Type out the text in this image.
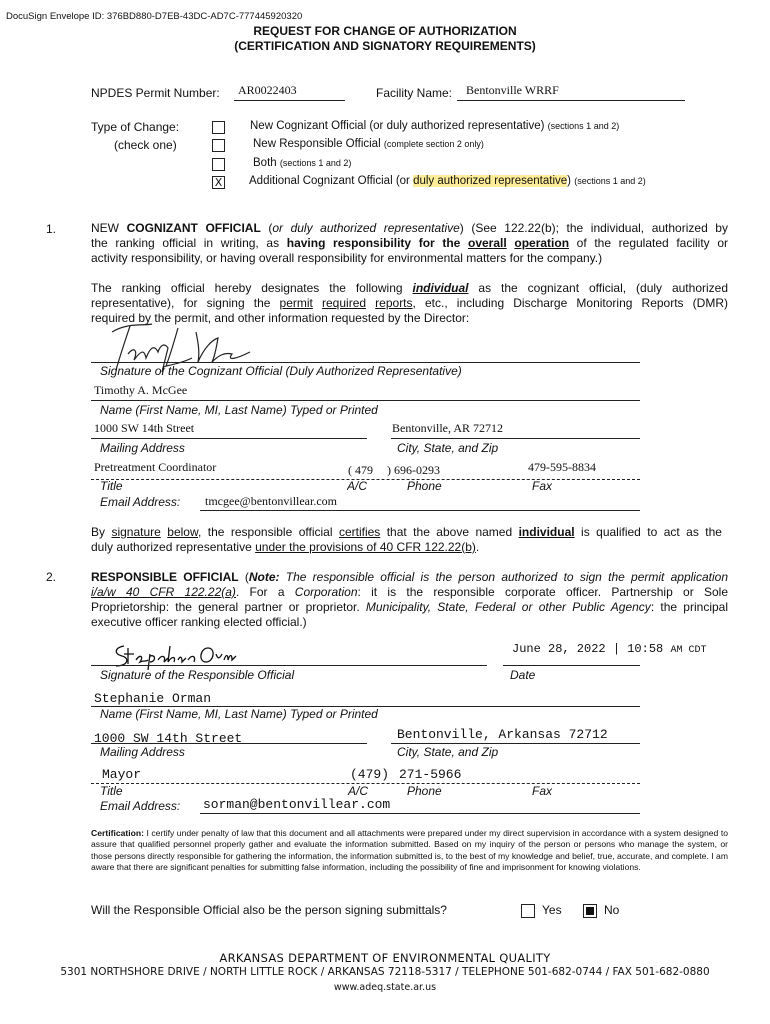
DocuSign Envelope ID: 376BD880-D7EB-43DC-AD7C-777445920320
REQUEST FOR CHANGE OF AUTHORIZATION
(CERTIFICATION AND SIGNATORY REQUIREMENTS)
NPDES Permit Number: AR0022403	Facility Name: Bentonville WRRF
Type of Change:
(check one)
New Cognizant Official (or duly authorized representative) (sections 1 and 2)
New Responsible Official (complete section 2 only)
Both (sections 1 and 2)
X Additional Cognizant Official (or duly authorized representative) (sections 1 and 2)
1.	NEW COGNIZANT OFFICIAL (or duly authorized representative) (See 122.22(b); the individual, authorized by
the ranking official in writing, as having responsibility for the overall operation of the regulated facility or
activity responsibility, or having overall responsibility for environmental matters for the company.)
The ranking official hereby designates the following individual as the cognizant official, (duly authorized
representative), for signing the permit required reports, etc., including Discharge Monitoring Reports (DMR)
required by the permit, and other information requested by the Director:
Signature of the Cognizant Official (Duly Authorized Representative)
Timothy A. McGee
Name (First Name, MI, Last Name) Typed or Printed
1000 SW 14th Street	Bentonville, AR 72712
Mailing Address	City, State, and Zip
Pretreatment Coordinator	( 479 ) 696-0293	479-595-8834
Title	A/C	Phone	Fax
Email Address: tmcgee@bentonvillear.com
By signature below, the responsible official certifies that the above named individual is qualified to act as the
duly authorized representative under the provisions of 40 CFR 122.22(b).
2.	RESPONSIBLE OFFICIAL (Note: The responsible official is the person authorized to sign the permit application
i/a/w 40 CFR 122.22(a). For a Corporation: it is the responsible corporate officer. Partnership or Sole
Proprietorship: the general partner or proprietor. Municipality, State, Federal or other Public Agency: the principal
executive officer ranking elected official.)
June 28, 2022 | 10:58 AM CDT
Signature of the Responsible Official	Date
Stephanie Orman
Name (First Name, MI, Last Name) Typed or Printed
1000 SW 14th Street	Bentonville, Arkansas 72712
Mailing Address	City, State, and Zip
Mayor	(479) 271-5966
Title	A/C	Phone	Fax
Email Address: sorman@bentonvillear.com
Certification: I certify under penalty of law that this document and all attachments were prepared under my direct supervision in accordance with a system designed to assure that qualified personnel properly gather and evaluate the information submitted. Based on my inquiry of the person or persons who manage the system, or those persons directly responsible for gathering the information, the information submitted is, to the best of my knowledge and belief, true, accurate, and complete. I am aware that there are significant penalties for submitting false information, including the possibility of fine and imprisonment for knowing violations.
Will the Responsible Official also be the person signing submittals?	Yes	No
ARKANSAS DEPARTMENT OF ENVIRONMENTAL QUALITY
5301 NORTHSHORE DRIVE / NORTH LITTLE ROCK / ARKANSAS 72118-5317 / TELEPHONE 501-682-0744 / FAX 501-682-0880
www.adeq.state.ar.us
